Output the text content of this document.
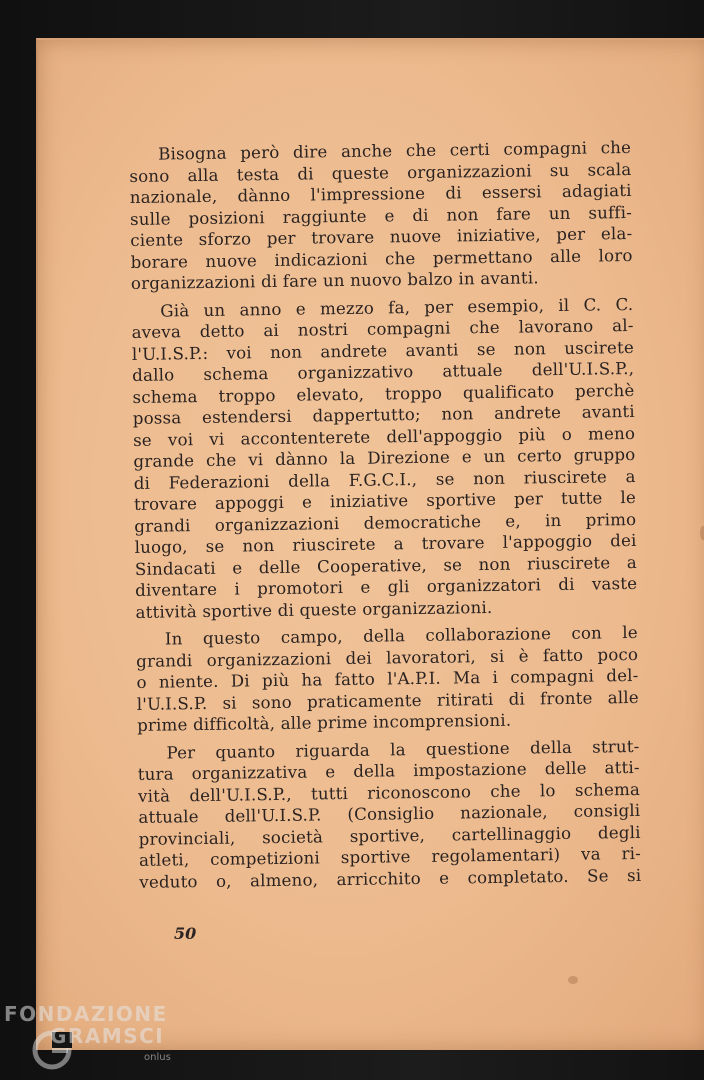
50
Bisogna però dire anche che certi compagni che
sono alla testa di queste organizzazioni su scala
nazionale, dànno l'impressione di essersi adagiati
sulle posizioni raggiunte e di non fare un suffi-
ciente sforzo per trovare nuove iniziative, per ela-
borare nuove indicazioni che permettano alle loro
organizzazioni di fare un nuovo balzo in avanti.
Già un anno e mezzo fa, per esempio, il C. C.
aveva detto ai nostri compagni che lavorano al-
l'U.I.S.P.: voi non andrete avanti se non uscirete
dallo schema organizzativo attuale dell'U.I.S.P.,
schema troppo elevato, troppo qualificato perchè
possa estendersi dappertutto; non andrete avanti
se voi vi accontenterete dell'appoggio più o meno
grande che vi dànno la Direzione e un certo gruppo
di Federazioni della F.G.C.I., se non riuscirete a
trovare appoggi e iniziative sportive per tutte le
grandi organizzazioni democratiche e, in primo
luogo, se non riuscirete a trovare l'appoggio dei
Sindacati e delle Cooperative, se non riuscirete a
diventare i promotori e gli organizzatori di vaste
attività sportive di queste organizzazioni.
In questo campo, della collaborazione con le
grandi organizzazioni dei lavoratori, si è fatto poco
o niente. Di più ha fatto l'A.P.I. Ma i compagni del-
l'U.I.S.P. si sono praticamente ritirati di fronte alle
prime difficoltà, alle prime incomprensioni.
Per quanto riguarda la questione della strut-
tura organizzativa e della impostazione delle atti-
vità dell'U.I.S.P., tutti riconoscono che lo schema
attuale dell'U.I.S.P. (Consiglio nazionale, consigli
provinciali, società sportive, cartellinaggio degli
atleti, competizioni sportive regolamentari) va ri-
veduto o, almeno, arricchito e completato. Se si
FONDAZIONE
GRAMSCI
onlus
